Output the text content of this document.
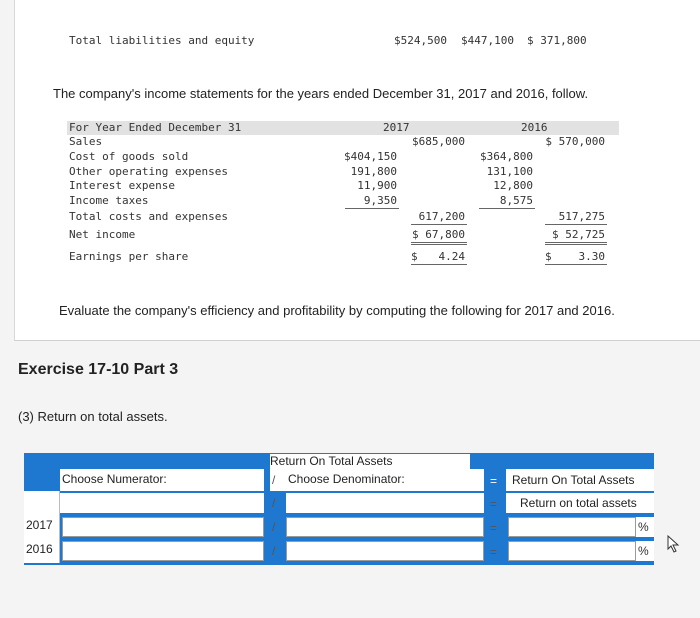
Total liabilities and equity	$524,500 $447,100 $ 371,800
The company's income statements for the years ended December 31, 2017 and 2016, follow.
For Year Ended December 31	2017	2016
Sales	$685,000	$ 570,000
Cost of goods sold	$404,150	$364,800
Other operating expenses	191,800	131,100
Interest expense	11,900	12,800
Income taxes	9,350	8,575
Total costs and expenses	617,200	517,275
Net income	$ 67,800	$ 52,725
Earnings per share	$	4.24	$	3.30
Evaluate the company's efficiency and profitability by computing the following for 2017 and 2016.
Exercise 17-10 Part 3
(3) Return on total assets.
Return On Total Assets
Choose Numerator:	/ Choose Denominator:	=	Return On Total Assets
/	=	Return on total assets
2017	/	=	%
2016	/	=	%
